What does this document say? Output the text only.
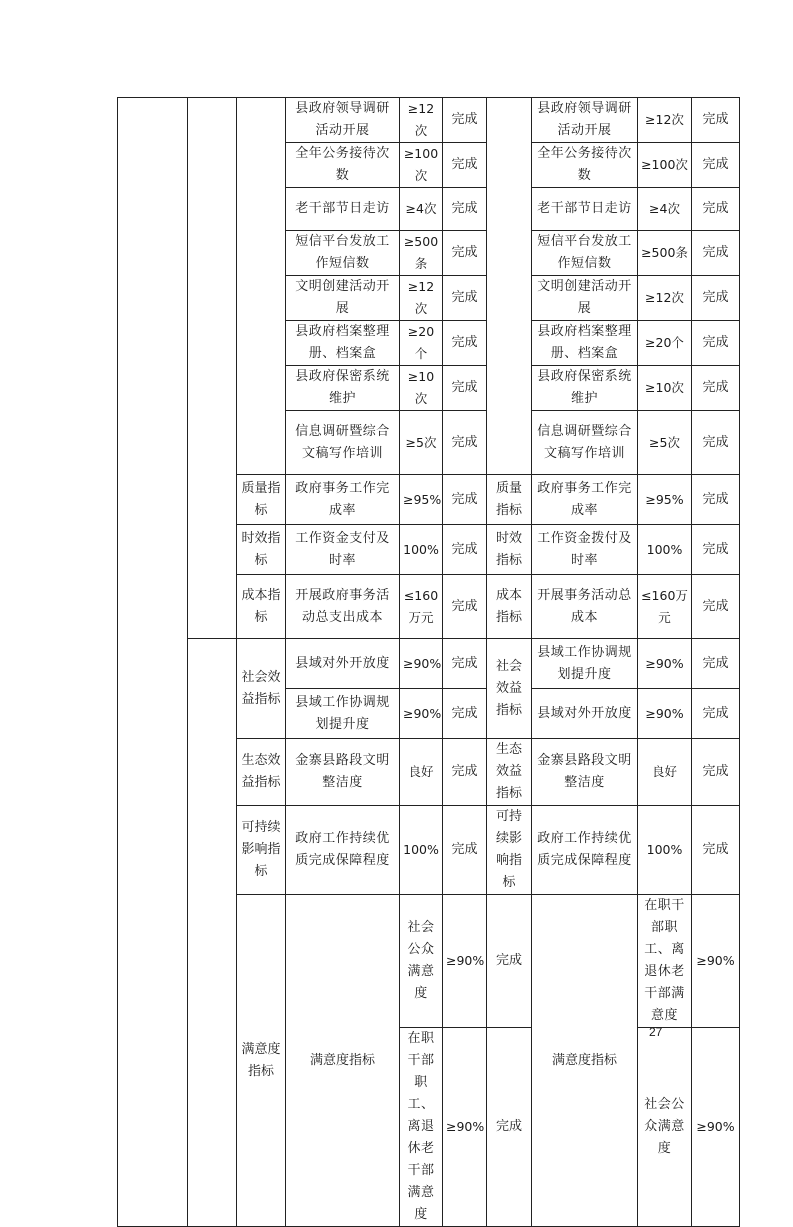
			县政府领导调研活动开展	≥12次	完成		县政府领导调研活动开展	≥12次	完成	
			全年公务接待次数	≥100次	完成		全年公务接待次数	≥100次	完成	
			老干部节日走访	≥4次	完成		老干部节日走访	≥4次	完成	
			短信平台发放工作短信数	≥500条	完成		短信平台发放工作短信数	≥500条	完成	
			文明创建活动开展	≥12次	完成		文明创建活动开展	≥12次	完成	
			县政府档案整理册、档案盒	≥20个	完成		县政府档案整理册、档案盒	≥20个	完成	
			县政府保密系统维护	≥10次	完成		县政府保密系统维护	≥10次	完成	
			信息调研暨综合文稿写作培训	≥5次	完成		信息调研暨综合文稿写作培训	≥5次	完成	
		质量指标	政府事务工作完成率	≥95%	完成	质量指标	政府事务工作完成率	≥95%	完成	
		时效指标	工作资金支付及时率	100%	完成	时效指标	工作资金拨付及时率	100%	完成	
		成本指标	开展政府事务活动总支出成本	≤160万元	完成	成本指标	开展事务活动总成本	≤160万元	完成	
		社会效益指标	县域对外开放度	≥90%	完成	社会效益指标	县域工作协调规划提升度	≥90%	完成	
			县域工作协调规划提升度	≥90%	完成		县域对外开放度	≥90%	完成	
		生态效益指标	金寨县路段文明整洁度	良好	完成	生态效益指标	金寨县路段文明整洁度	良好	完成	
		可持续影响指标	政府工作持续优质完成保障程度	100%	完成	可持续影响指标	政府工作持续优质完成保障程度	100%	完成	
		满意度指标	满意度指标	社会公众满意度	≥90%	完成	满意度指标	在职干部职工、离退休老干部满意度	≥90%	
				在职干部职工、离退休老干部满意度	≥90%	完成		社会公众满意度	≥90%	
27
